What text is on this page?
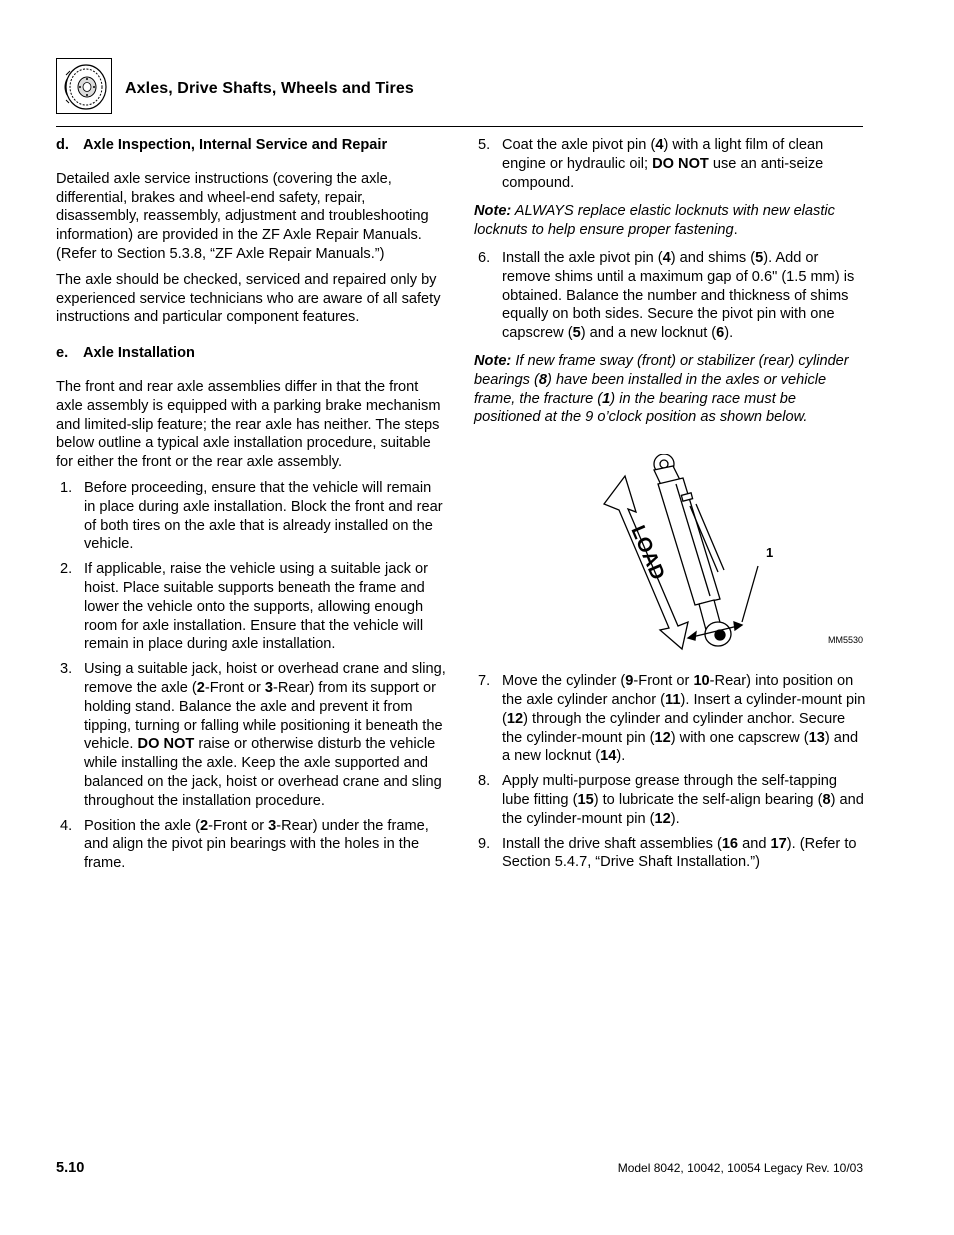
Axles, Drive Shafts, Wheels and Tires
d. Axle Inspection, Internal Service and Repair

Detailed axle service instructions (covering the axle, differential, brakes and wheel-end safety, repair, disassembly, reassembly, adjustment and troubleshooting information) are provided in the ZF Axle Repair Manuals. (Refer to Section 5.3.8, “ZF Axle Repair Manuals.”)

The axle should be checked, serviced and repaired only by experienced service technicians who are aware of all safety instructions and particular component features.

e. Axle Installation

The front and rear axle assemblies differ in that the front axle assembly is equipped with a parking brake mechanism and limited-slip feature; the rear axle has neither. The steps below outline a typical axle installation procedure, suitable for either the front or the rear axle assembly.

1. Before proceeding, ensure that the vehicle will remain in place during axle installation. Block the front and rear of both tires on the axle that is already installed on the vehicle.
2. If applicable, raise the vehicle using a suitable jack or hoist. Place suitable supports beneath the frame and lower the vehicle onto the supports, allowing enough room for axle installation. Ensure that the vehicle will remain in place during axle installation.
3. Using a suitable jack, hoist or overhead crane and sling, remove the axle (2-Front or 3-Rear) from its support or holding stand. Balance the axle and prevent it from tipping, turning or falling while positioning it beneath the vehicle. DO NOT raise or otherwise disturb the vehicle while installing the axle. Keep the axle supported and balanced on the jack, hoist or overhead crane and sling throughout the installation procedure.
4. Position the axle (2-Front or 3-Rear) under the frame, and align the pivot pin bearings with the holes in the frame.
5. Coat the axle pivot pin (4) with a light film of clean engine or hydraulic oil; DO NOT use an anti-seize compound.

Note: ALWAYS replace elastic locknuts with new elastic locknuts to help ensure proper fastening.

6. Install the axle pivot pin (4) and shims (5). Add or remove shims until a maximum gap of 0.6" (1.5 mm) is obtained. Balance the number and thickness of shims equally on both sides. Secure the pivot pin with one capscrew (5) and a new locknut (6).

Note: If new frame sway (front) or stabilizer (rear) cylinder bearings (8) have been installed in the axles or vehicle frame, the fracture (1) in the bearing race must be positioned at the 9 o’clock position as shown below.

LOAD	1
MM5530
7. Move the cylinder (9-Front or 10-Rear) into position on the axle cylinder anchor (11). Insert a cylinder-mount pin (12) through the cylinder and cylinder anchor. Secure the cylinder-mount pin (12) with one capscrew (13) and a new locknut (14).
8. Apply multi-purpose grease through the self-tapping lube fitting (15) to lubricate the self-align bearing (8) and the cylinder-mount pin (12).
9. Install the drive shaft assemblies (16 and 17). (Refer to Section 5.4.7, “Drive Shaft Installation.”)
5.10	Model 8042, 10042, 10054 Legacy Rev. 10/03
